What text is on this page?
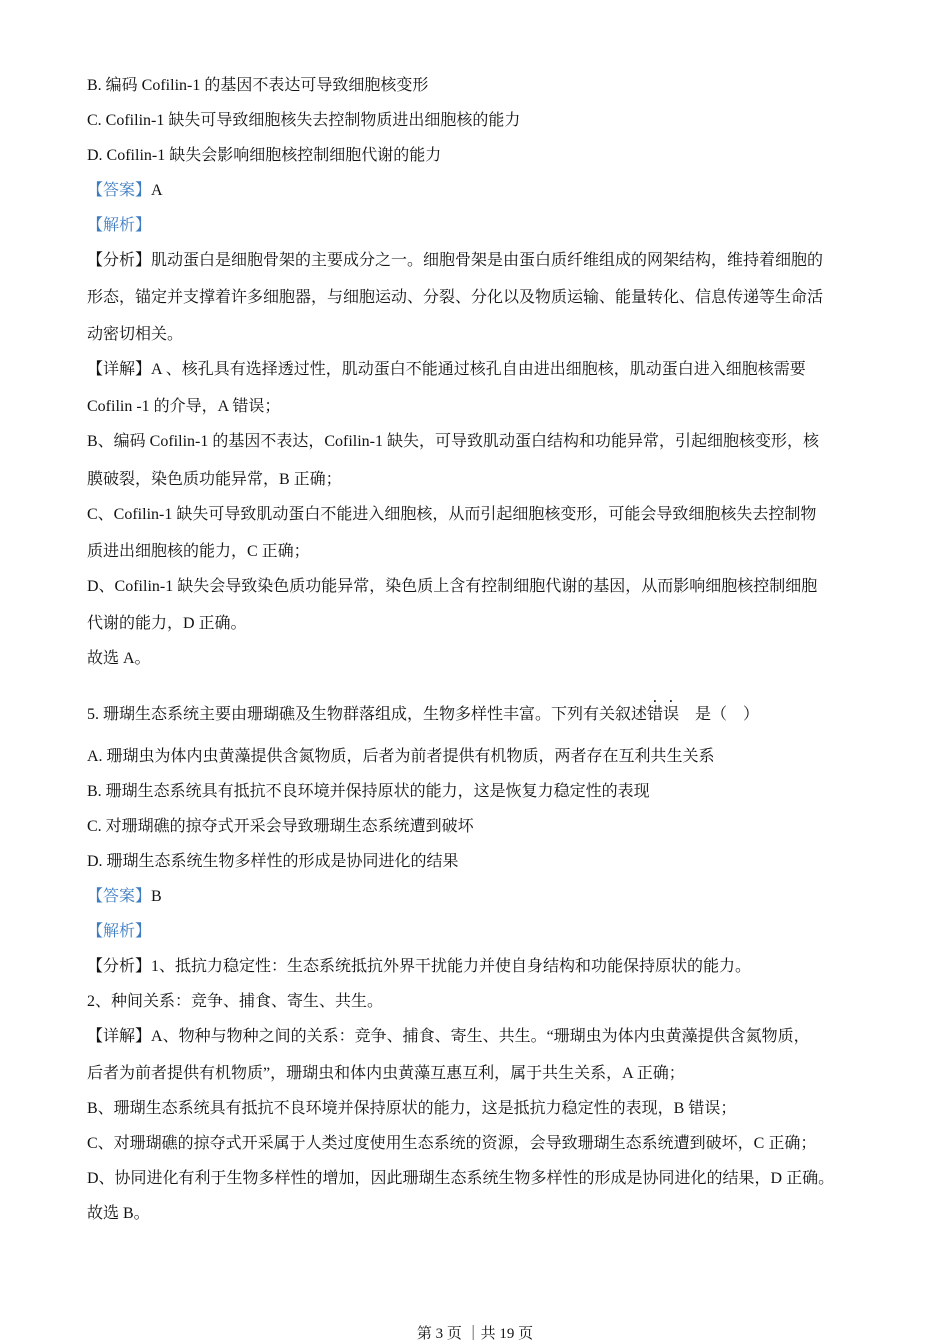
B. 编码 Cofilin-1 的基因不表达可导致细胞核变形
C. Cofilin-1 缺失可导致细胞核失去控制物质进出细胞核的能力
D. Cofilin-1 缺失会影响细胞核控制细胞代谢的能力
【答案】A
【解析】
【分析】肌动蛋白是细胞骨架的主要成分之一。细胞骨架是由蛋白质纤维组成的网架结构，维持着细胞的
形态，锚定并支撑着许多细胞器，与细胞运动、分裂、分化以及物质运输、能量转化、信息传递等生命活
动密切相关。
【详解】A 、核孔具有选择透过性，肌动蛋白不能通过核孔自由进出细胞核，肌动蛋白进入细胞核需要
Cofilin -1 的介导，A 错误；
B、编码 Cofilin-1 的基因不表达，Cofilin-1 缺失，可导致肌动蛋白结构和功能异常，引起细胞核变形，核
膜破裂，染色质功能异常，B 正确；
C、Cofilin-1 缺失可导致肌动蛋白不能进入细胞核，从而引起细胞核变形，可能会导致细胞核失去控制物
质进出细胞核的能力，C 正确；
D、Cofilin-1 缺失会导致染色质功能异常，染色质上含有控制细胞代谢的基因，从而影响细胞核控制细胞
代谢的能力，D 正确。
故选 A。
5. 珊瑚生态系统主要由珊瑚礁及生物群落组成，生物多样性丰富。下列有关叙述错误 是（　）
A. 珊瑚虫为体内虫黄藻提供含氮物质，后者为前者提供有机物质，两者存在互利共生关系
B. 珊瑚生态系统具有抵抗不良环境并保持原状的能力，这是恢复力稳定性的表现
C. 对珊瑚礁的掠夺式开采会导致珊瑚生态系统遭到破坏
D. 珊瑚生态系统生物多样性的形成是协同进化的结果
【答案】B
【解析】
【分析】1、抵抗力稳定性：生态系统抵抗外界干扰能力并使自身结构和功能保持原状的能力。
2、种间关系：竞争、捕食、寄生、共生。
【详解】A、物种与物种之间的关系：竞争、捕食、寄生、共生。“珊瑚虫为体内虫黄藻提供含氮物质，
后者为前者提供有机物质”，珊瑚虫和体内虫黄藻互惠互利，属于共生关系，A 正确；
B、珊瑚生态系统具有抵抗不良环境并保持原状的能力，这是抵抗力稳定性的表现，B 错误；
C、对珊瑚礁的掠夺式开采属于人类过度使用生态系统的资源，会导致珊瑚生态系统遭到破坏，C 正确；
D、协同进化有利于生物多样性的增加，因此珊瑚生态系统生物多样性的形成是协同进化的结果，D 正确。
故选 B。
第 3 页 ｜共 19 页
